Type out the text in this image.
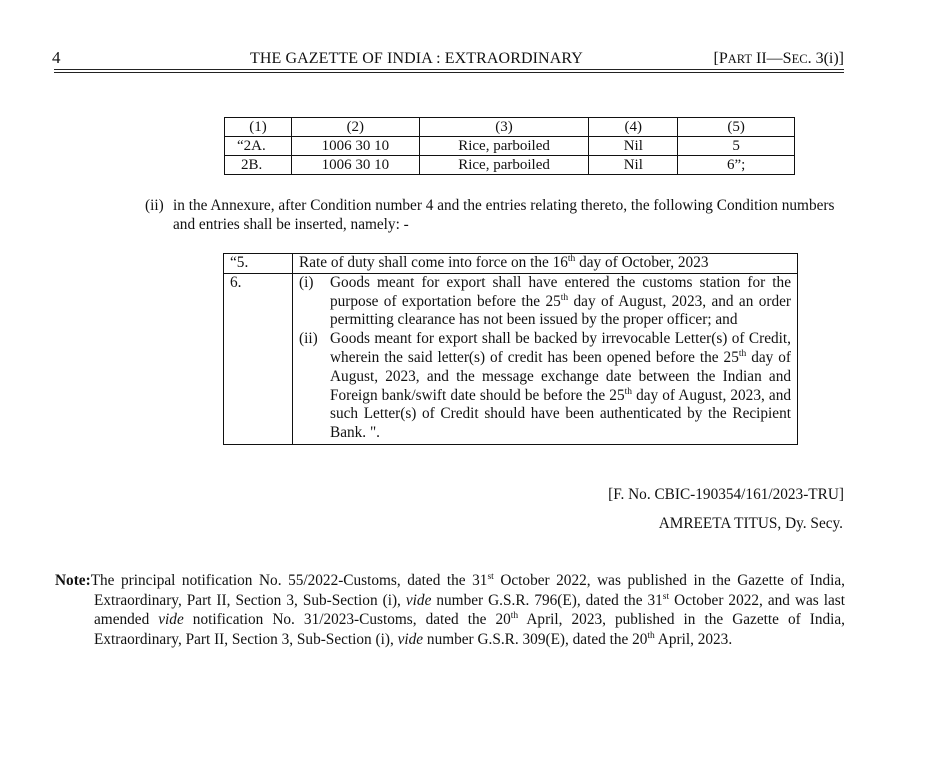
4	THE GAZETTE OF INDIA : EXTRAORDINARY	[PART II—SEC. 3(i)]
(1)	(2)	(3)	(4)	(5)
“2A.	1006 30 10	Rice, parboiled	Nil	5
2B.	1006 30 10	Rice, parboiled	Nil	6”;
(ii) in the Annexure, after Condition number 4 and the entries relating thereto, the following Condition numbers and entries shall be inserted, namely: -
“5.	Rate of duty shall come into force on the 16th day of October, 2023
6.	(i) Goods meant for export shall have entered the customs station for the purpose of exportation before the 25th day of August, 2023, and an order permitting clearance has not been issued by the proper officer; and
(ii) Goods meant for export shall be backed by irrevocable Letter(s) of Credit, wherein the said letter(s) of credit has been opened before the 25th day of August, 2023, and the message exchange date between the Indian and Foreign bank/swift date should be before the 25th day of August, 2023, and such Letter(s) of Credit should have been authenticated by the Recipient Bank. ".
[F. No. CBIC-190354/161/2023-TRU]
AMREETA TITUS, Dy. Secy.
Note:The principal notification No. 55/2022-Customs, dated the 31st October 2022, was published in the Gazette of India, Extraordinary, Part II, Section 3, Sub-Section (i), vide number G.S.R. 796(E), dated the 31st October 2022, and was last amended vide notification No. 31/2023-Customs, dated the 20th April, 2023, published in the Gazette of India, Extraordinary, Part II, Section 3, Sub-Section (i), vide number G.S.R. 309(E), dated the 20th April, 2023.
